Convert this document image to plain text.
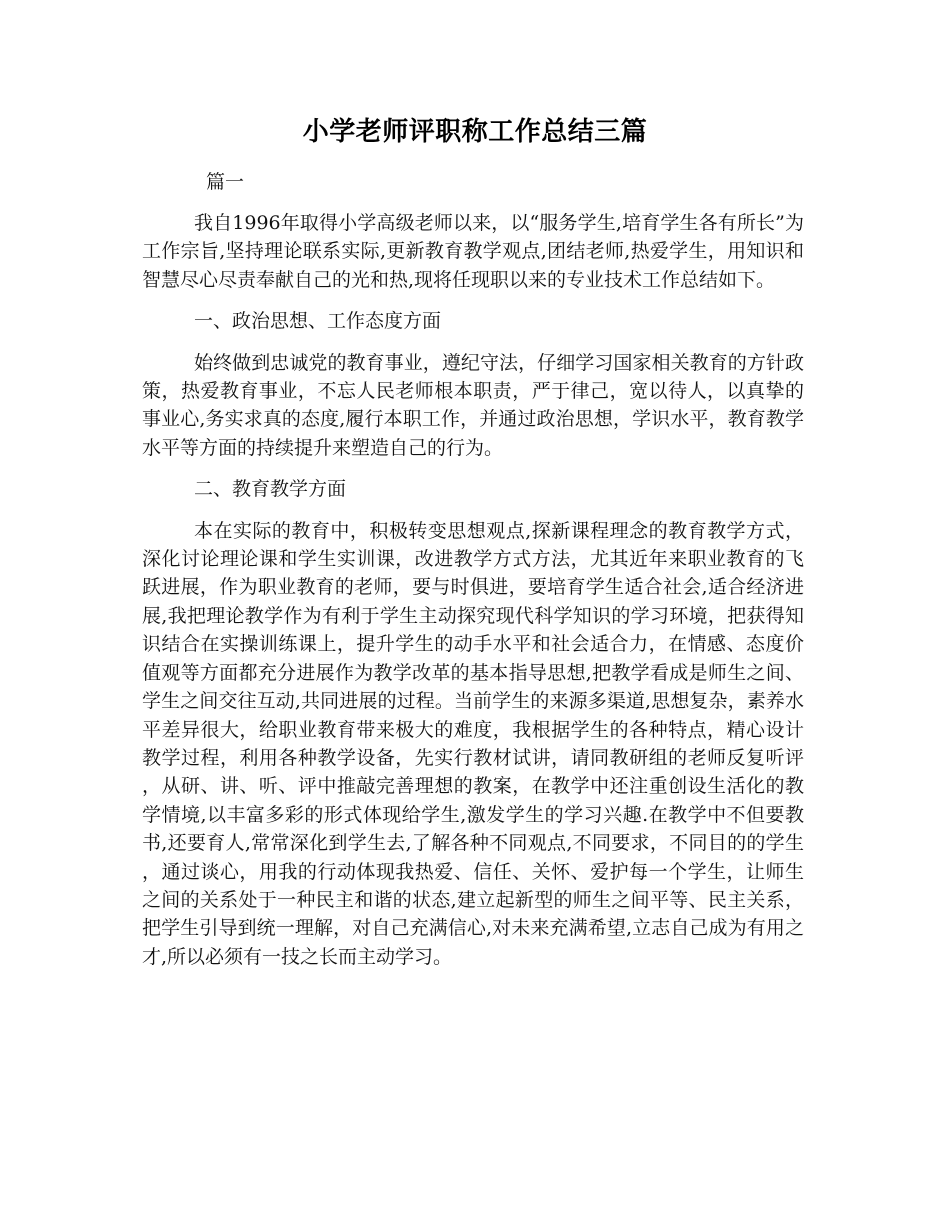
小学老师评职称工作总结三篇

篇一

我自1996年取得小学高级老师以来，以“服务学生,培育学生各有所长”为工作宗旨,坚持理论联系实际,更新教育教学观点,团结老师,热爱学生，用知识和智慧尽心尽责奉献自己的光和热,现将任现职以来的专业技术工作总结如下。

一、政治思想、工作态度方面

始终做到忠诚党的教育事业，遵纪守法，仔细学习国家相关教育的方针政策，热爱教育事业，不忘人民老师根本职责，严于律己，宽以待人，以真挚的事业心,务实求真的态度,履行本职工作，并通过政治思想，学识水平，教育教学水平等方面的持续提升来塑造自己的行为。

二、教育教学方面

本在实际的教育中，积极转变思想观点,探新课程理念的教育教学方式，深化讨论理论课和学生实训课，改进教学方式方法，尤其近年来职业教育的飞跃进展，作为职业教育的老师，要与时俱进，要培育学生适合社会,适合经济进展,我把理论教学作为有利于学生主动探究现代科学知识的学习环境，把获得知识结合在实操训练课上，提升学生的动手水平和社会适合力，在情感、态度价值观等方面都充分进展作为教学改革的基本指导思想,把教学看成是师生之间、学生之间交往互动,共同进展的过程。当前学生的来源多渠道,思想复杂，素养水平差异很大，给职业教育带来极大的难度，我根据学生的各种特点，精心设计教学过程，利用各种教学设备，先实行教材试讲，请同教研组的老师反复听评，从研、讲、听、评中推敲完善理想的教案，在教学中还注重创设生活化的教学情境,以丰富多彩的形式体现给学生,激发学生的学习兴趣.在教学中不但要教书,还要育人,常常深化到学生去,了解各种不同观点,不同要求，不同目的的学生，通过谈心，用我的行动体现我热爱、信任、关怀、爱护每一个学生，让师生之间的关系处于一种民主和谐的状态,建立起新型的师生之间平等、民主关系，把学生引导到统一理解，对自己充满信心,对未来充满希望,立志自己成为有用之才,所以必须有一技之长而主动学习。
